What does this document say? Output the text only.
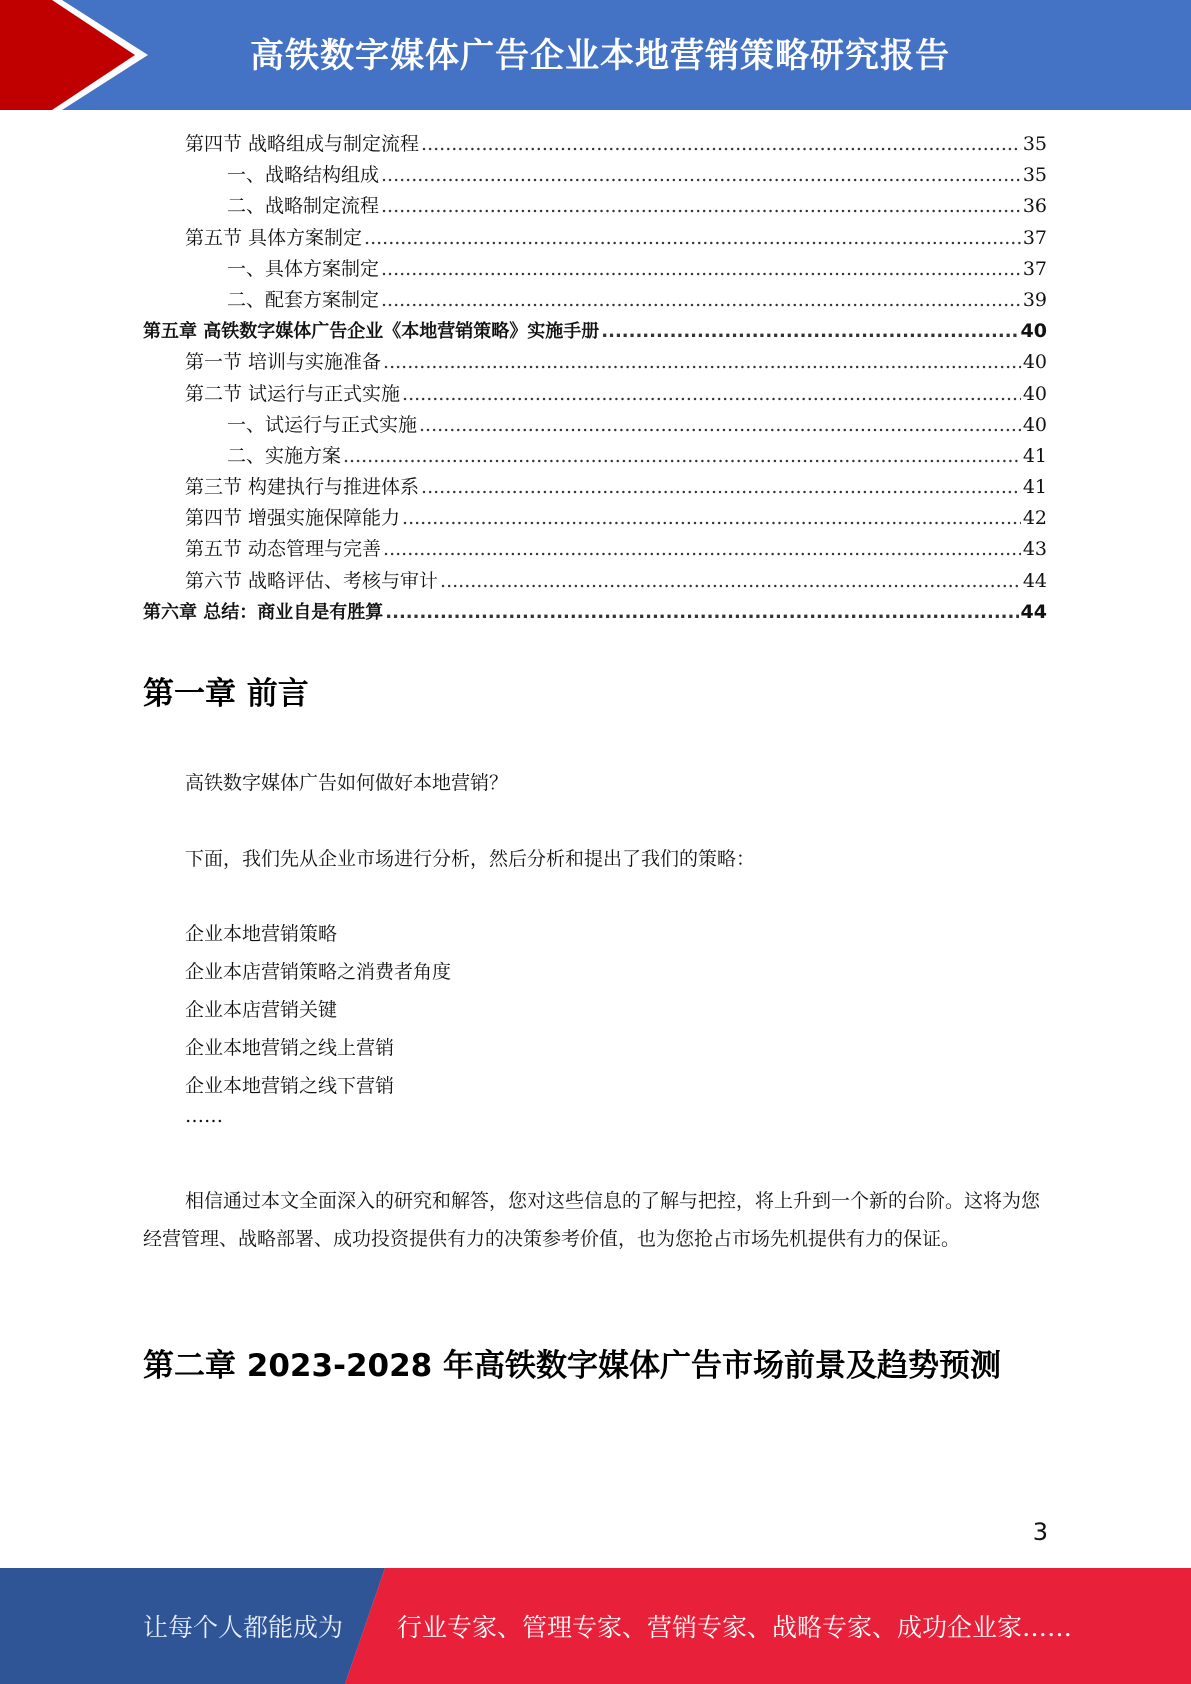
高铁数字媒体广告企业本地营销策略研究报告
第四节 战略组成与制定流程 .....	35
一、战略结构组成 .....	35
二、战略制定流程 .....	36
第五节 具体方案制定 .....	37
一、具体方案制定 .....	37
二、配套方案制定 .....	39
第五章 高铁数字媒体广告企业《本地营销策略》实施手册 .....	40
第一节 培训与实施准备 .....	40
第二节 试运行与正式实施 .....	40
一、试运行与正式实施 .....	40
二、实施方案 .....	41
第三节 构建执行与推进体系 .....	41
第四节 增强实施保障能力 .....	42
第五节 动态管理与完善 .....	43
第六节 战略评估、考核与审计 .....	44
第六章 总结：商业自是有胜算 .....	44
第一章 前言
高铁数字媒体广告如何做好本地营销？
下面，我们先从企业市场进行分析，然后分析和提出了我们的策略：
企业本地营销策略
企业本店营销策略之消费者角度
企业本店营销关键
企业本地营销之线上营销
企业本地营销之线下营销
……
相信通过本文全面深入的研究和解答，您对这些信息的了解与把控，将上升到一个新的台阶。这将为您经营管理、战略部署、成功投资提供有力的决策参考价值，也为您抢占市场先机提供有力的保证。
第二章 2023-2028 年高铁数字媒体广告市场前景及趋势预测
3
让每个人都能成为 行业专家、管理专家、营销专家、战略专家、成功企业家……
